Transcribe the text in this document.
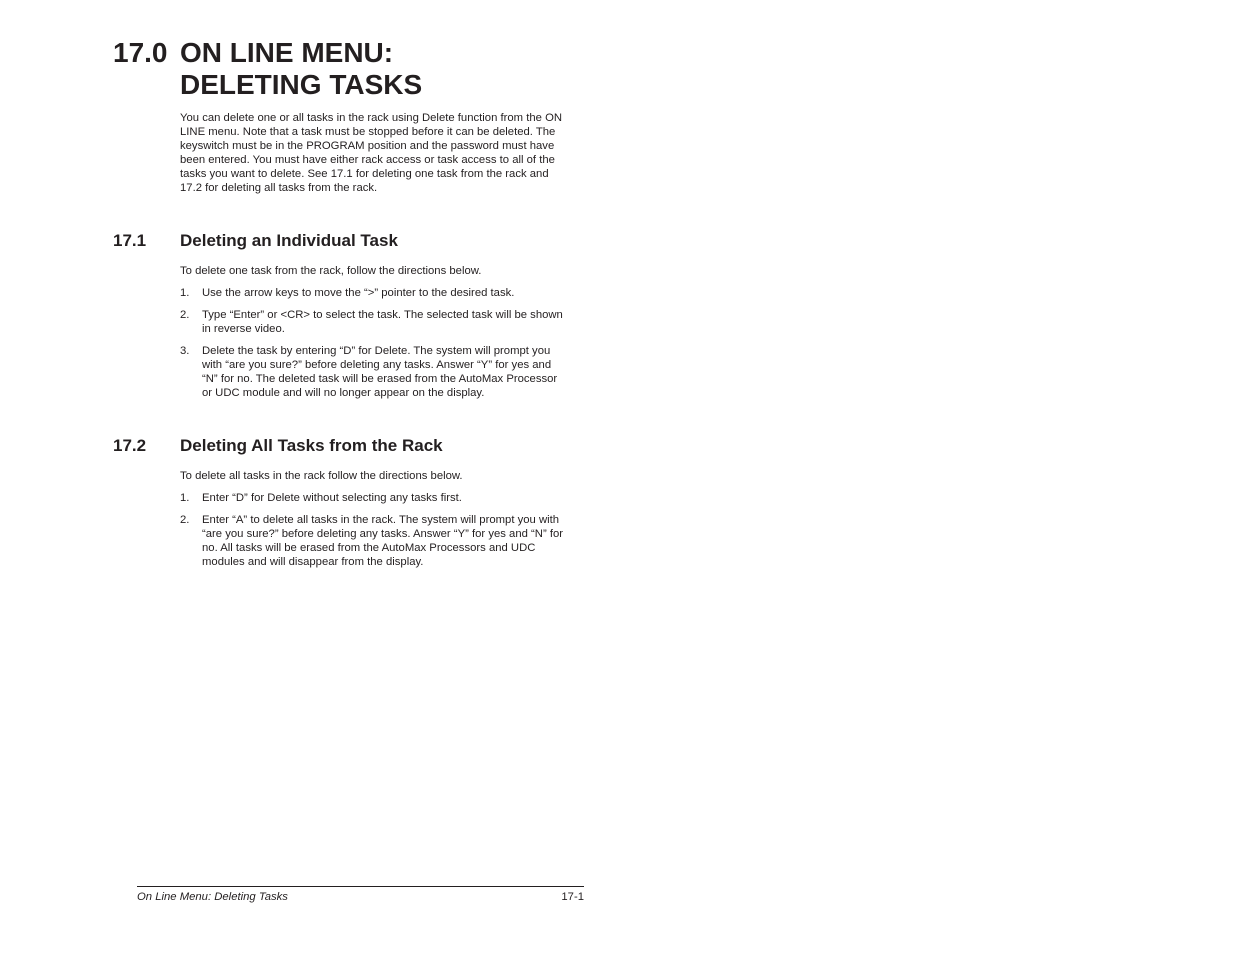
17.0 ON LINE MENU:
DELETING TASKS

You can delete one or all tasks in the rack using Delete function from the ON LINE menu. Note that a task must be stopped before it can be deleted. The keyswitch must be in the PROGRAM position and the password must have been entered. You must have either rack access or task access to all of the tasks you want to delete. See 17.1 for deleting one task from the rack and 17.2 for deleting all tasks from the rack.

17.1 Deleting an Individual Task

To delete one task from the rack, follow the directions below.

1.	Use the arrow keys to move the “>” pointer to the desired task.
2.	Type “Enter” or <CR> to select the task. The selected task will be shown in reverse video.
3.	Delete the task by entering “D” for Delete. The system will prompt you with “are you sure?” before deleting any tasks. Answer “Y” for yes and “N” for no. The deleted task will be erased from the AutoMax Processor or UDC module and will no longer appear on the display.
17.2 Deleting All Tasks from the Rack

To delete all tasks in the rack follow the directions below.

1.	Enter “D” for Delete without selecting any tasks first.
2.	Enter “A” to delete all tasks in the rack. The system will prompt you with “are you sure?” before deleting any tasks. Answer “Y” for yes and “N” for no. All tasks will be erased from the AutoMax Processors and UDC modules and will disappear from the display.
On Line Menu: Deleting Tasks	17-1
